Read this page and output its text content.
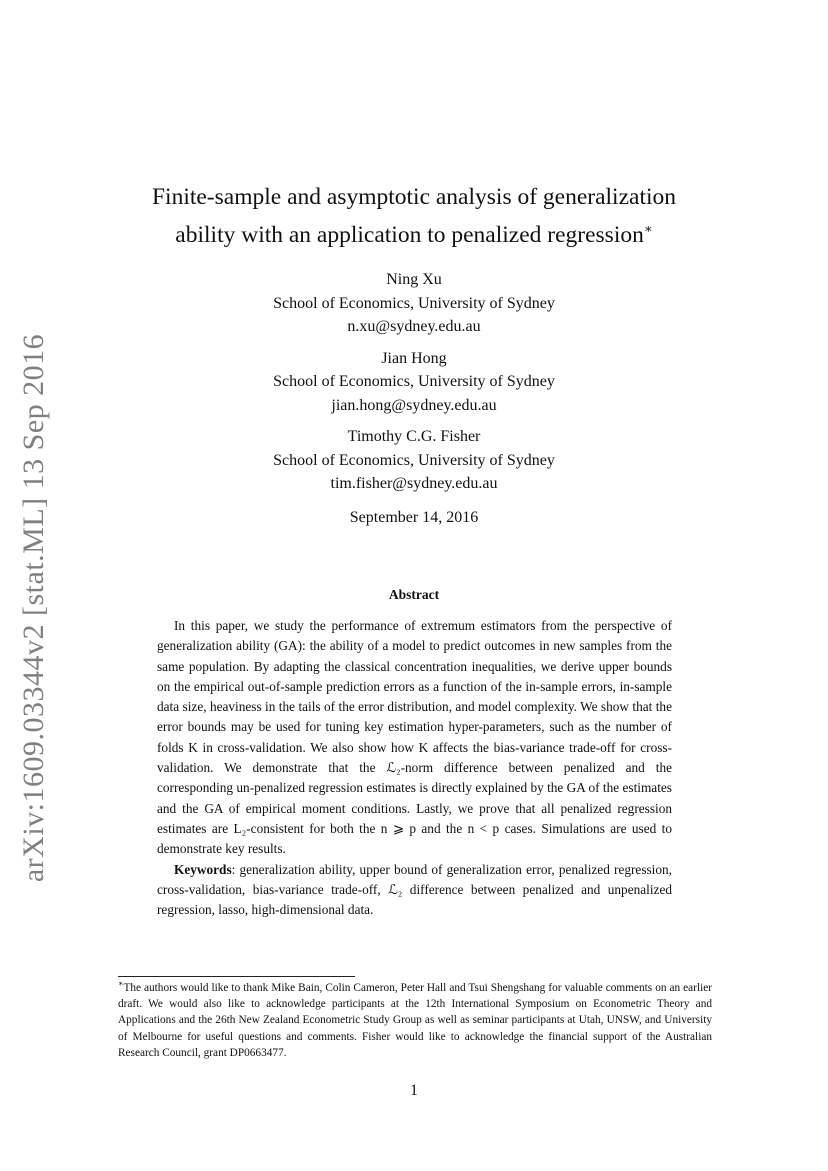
arXiv:1609.03344v2 [stat.ML] 13 Sep 2016
Finite-sample and asymptotic analysis of generalization
ability with an application to penalized regression∗
Ning Xu
School of Economics, University of Sydney
n.xu@sydney.edu.au
Jian Hong
School of Economics, University of Sydney
jian.hong@sydney.edu.au
Timothy C.G. Fisher
School of Economics, University of Sydney
tim.fisher@sydney.edu.au
September 14, 2016
Abstract

In this paper, we study the performance of extremum estimators from the perspective of generalization ability (GA): the ability of a model to predict outcomes in new samples from the same population. By adapting the classical concentration inequalities, we derive upper bounds on the empirical out-of-sample prediction errors as a function of the in-sample errors, in-sample data size, heaviness in the tails of the error distribution, and model complexity. We show that the error bounds may be used for tuning key estimation hyper-parameters, such as the number of folds K in cross-validation. We also show how K affects the bias-variance trade-off for cross-validation. We demonstrate that the ℒ₂-norm difference between penalized and the corresponding un-penalized regression estimates is directly explained by the GA of the estimates and the GA of empirical moment conditions. Lastly, we prove that all penalized regression estimates are L₂-consistent for both the n ⩾ p and the n < p cases. Simulations are used to demonstrate key results.

Keywords: generalization ability, upper bound of generalization error, penalized regression, cross-validation, bias-variance trade-off, ℒ₂ difference between penalized and unpenalized regression, lasso, high-dimensional data.

∗The authors would like to thank Mike Bain, Colin Cameron, Peter Hall and Tsui Shengshang for valuable comments on an earlier draft. We would also like to acknowledge participants at the 12th International Symposium on Econometric Theory and Applications and the 26th New Zealand Econometric Study Group as well as seminar participants at Utah, UNSW, and University of Melbourne for useful questions and comments. Fisher would like to acknowledge the financial support of the Australian Research Council, grant DP0663477.
1
